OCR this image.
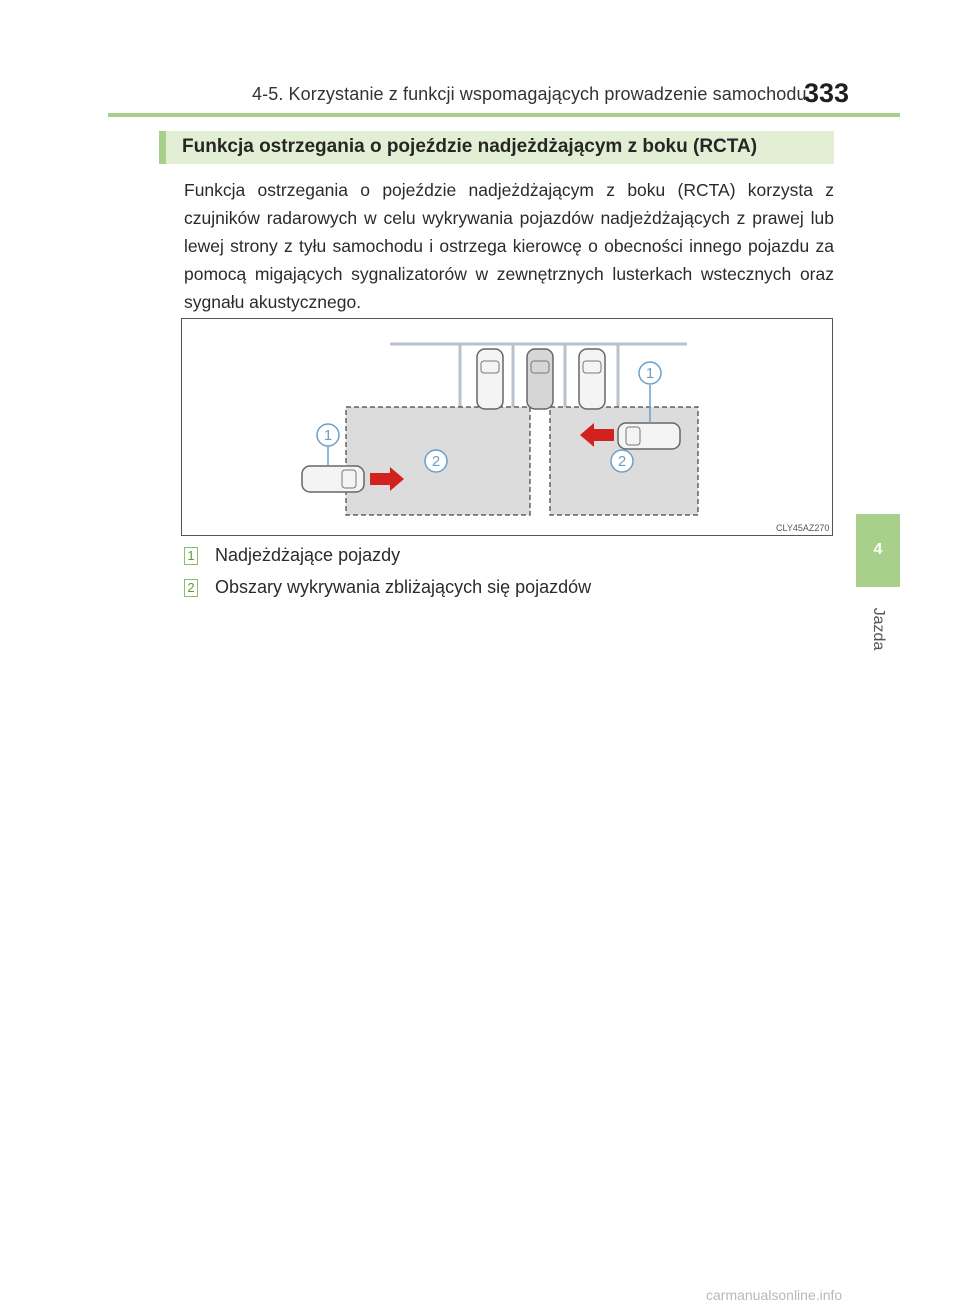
4-5. Korzystanie z funkcji wspomagających prowadzenie samochodu
333
Funkcja ostrzegania o pojeździe nadjeżdżającym z boku (RCTA)
Funkcja ostrzegania o pojeździe nadjeżdżającym z boku (RCTA) korzysta z czujników radarowych w celu wykrywania pojazdów nadjeżdżających z prawej lub lewej strony z tyłu samochodu i ostrzega kierowcę o obecności innego pojazdu za pomocą migających sygnalizatorów w zewnętrznych lusterkach wstecznych oraz sygnału akustycznego.
1
2	2
1
CLY45AZ270
1 Nadjeżdżające pojazdy
2 Obszary wykrywania zbliżających się pojazdów
4
Jazda
carmanualsonline.info
